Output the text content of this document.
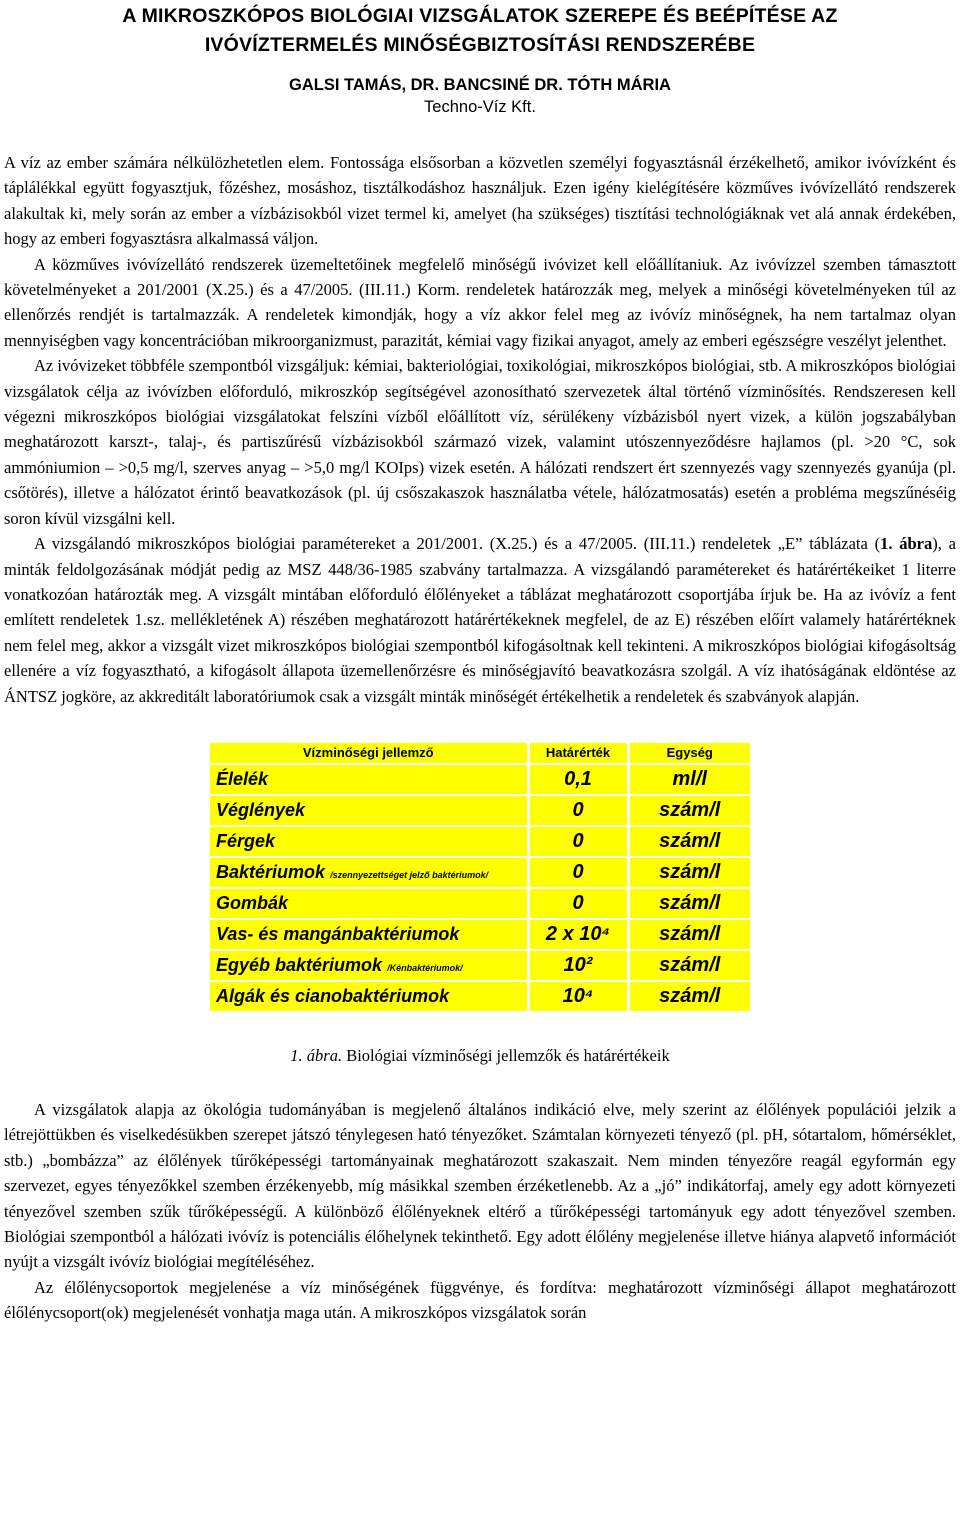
A MIKROSZKÓPOS BIOLÓGIAI VIZSGÁLATOK SZEREPE ÉS BEÉPÍTÉSE AZ
IVÓVÍZTERMELÉS MINŐSÉGBIZTOSÍTÁSI RENDSZERÉBE
GALSI TAMÁS, DR. BANCSINÉ DR. TÓTH MÁRIA
Techno-Víz Kft.

A víz az ember számára nélkülözhetetlen elem. Fontossága elsősorban a közvetlen személyi fogyasztásnál érzékelhető, amikor ivóvízként és táplálékkal együtt fogyasztjuk, főzéshez, mosáshoz, tisztálkodáshoz használjuk. Ezen igény kielégítésére közműves ivóvízellátó rendszerek alakultak ki, mely során az ember a vízbázisokból vizet termel ki, amelyet (ha szükséges) tisztítási technológiáknak vet alá annak érdekében, hogy az emberi fogyasztásra alkalmassá váljon.

A közműves ivóvízellátó rendszerek üzemeltetőinek megfelelő minőségű ivóvizet kell előállítaniuk. Az ivóvízzel szemben támasztott követelményeket a 201/2001 (X.25.) és a 47/2005. (III.11.) Korm. rendeletek határozzák meg, melyek a minőségi követelményeken túl az ellenőrzés rendjét is tartalmazzák. A rendeletek kimondják, hogy a víz akkor felel meg az ivóvíz minőségnek, ha nem tartalmaz olyan mennyiségben vagy koncentrációban mikroorganizmust, parazitát, kémiai vagy fizikai anyagot, amely az emberi egészségre veszélyt jelenthet.

Az ivóvizeket többféle szempontból vizsgáljuk: kémiai, bakteriológiai, toxikológiai, mikroszkópos biológiai, stb. A mikroszkópos biológiai vizsgálatok célja az ivóvízben előforduló, mikroszkóp segítségével azonosítható szervezetek által történő vízminősítés. Rendszeresen kell végezni mikroszkópos biológiai vizsgálatokat felszíni vízből előállított víz, sérülékeny vízbázisból nyert vizek, a külön jogszabályban meghatározott karszt-, talaj-, és partiszűrésű vízbázisokból származó vizek, valamint utószennyeződésre hajlamos (pl. >20 °C, sok ammóniumion – >0,5 mg/l, szerves anyag – >5,0 mg/l KOIps) vizek esetén. A hálózati rendszert ért szennyezés vagy szennyezés gyanúja (pl. csőtörés), illetve a hálózatot érintő beavatkozások (pl. új csőszakaszok használatba vétele, hálózatmosatás) esetén a probléma megszűnéséig soron kívül vizsgálni kell.

A vizsgálandó mikroszkópos biológiai paramétereket a 201/2001. (X.25.) és a 47/2005. (III.11.) rendeletek „E” táblázata (1. ábra), a minták feldolgozásának módját pedig az MSZ 448/36-1985 szabvány tartalmazza. A vizsgálandó paramétereket és határértékeiket 1 literre vonatkozóan határozták meg. A vizsgált mintában előforduló élőlényeket a táblázat meghatározott csoportjába írjuk be. Ha az ivóvíz a fent említett rendeletek 1.sz. mellékletének A) részében meghatározott határértékeknek megfelel, de az E) részében előírt valamely határértéknek nem felel meg, akkor a vizsgált vizet mikroszkópos biológiai szempontból kifogásoltnak kell tekinteni. A mikroszkópos biológiai kifogásoltság ellenére a víz fogyasztható, a kifogásolt állapota üzemellenőrzésre és minőségjavító beavatkozásra szolgál. A víz ihatóságának eldöntése az ÁNTSZ jogköre, az akkreditált laboratóriumok csak a vizsgált minták minőségét értékelhetik a rendeletek és szabványok alapján.

Vízminőségi jellemző	Határérték	Egység
Élelék	0,1	ml/l
Véglények	0	szám/l
Férgek	0	szám/l
Baktériumok /szennyezettséget jelző baktériumok/	0	szám/l
Gombák	0	szám/l
Vas- és mangánbaktériumok	2 x 10⁴	szám/l
Egyéb baktériumok /Kénbaktériumok/	10²	szám/l
Algák és cianobaktériumok	10⁴	szám/l
1. ábra. Biológiai vízminőségi jellemzők és határértékeik

A vizsgálatok alapja az ökológia tudományában is megjelenő általános indikáció elve, mely szerint az élőlények populációi jelzik a létrejöttükben és viselkedésükben szerepet játszó ténylegesen ható tényezőket. Számtalan környezeti tényező (pl. pH, sótartalom, hőmérséklet, stb.) „bombázza” az élőlények tűrőképességi tartományainak meghatározott szakaszait. Nem minden tényezőre reagál egyformán egy szervezet, egyes tényezőkkel szemben érzékenyebb, míg másikkal szemben érzéketlenebb. Az a „jó” indikátorfaj, amely egy adott környezeti tényezővel szemben szűk tűrőképességű. A különböző élőlényeknek eltérő a tűrőképességi tartományuk egy adott tényezővel szemben. Biológiai szempontból a hálózati ivóvíz is potenciális élőhelynek tekinthető. Egy adott élőlény megjelenése illetve hiánya alapvető információt nyújt a vizsgált ivóvíz biológiai megítéléséhez.

Az élőlénycsoportok megjelenése a víz minőségének függvénye, és fordítva: meghatározott vízminőségi állapot meghatározott élőlénycsoport(ok) megjelenését vonhatja maga után. A mikroszkópos vizsgálatok során
